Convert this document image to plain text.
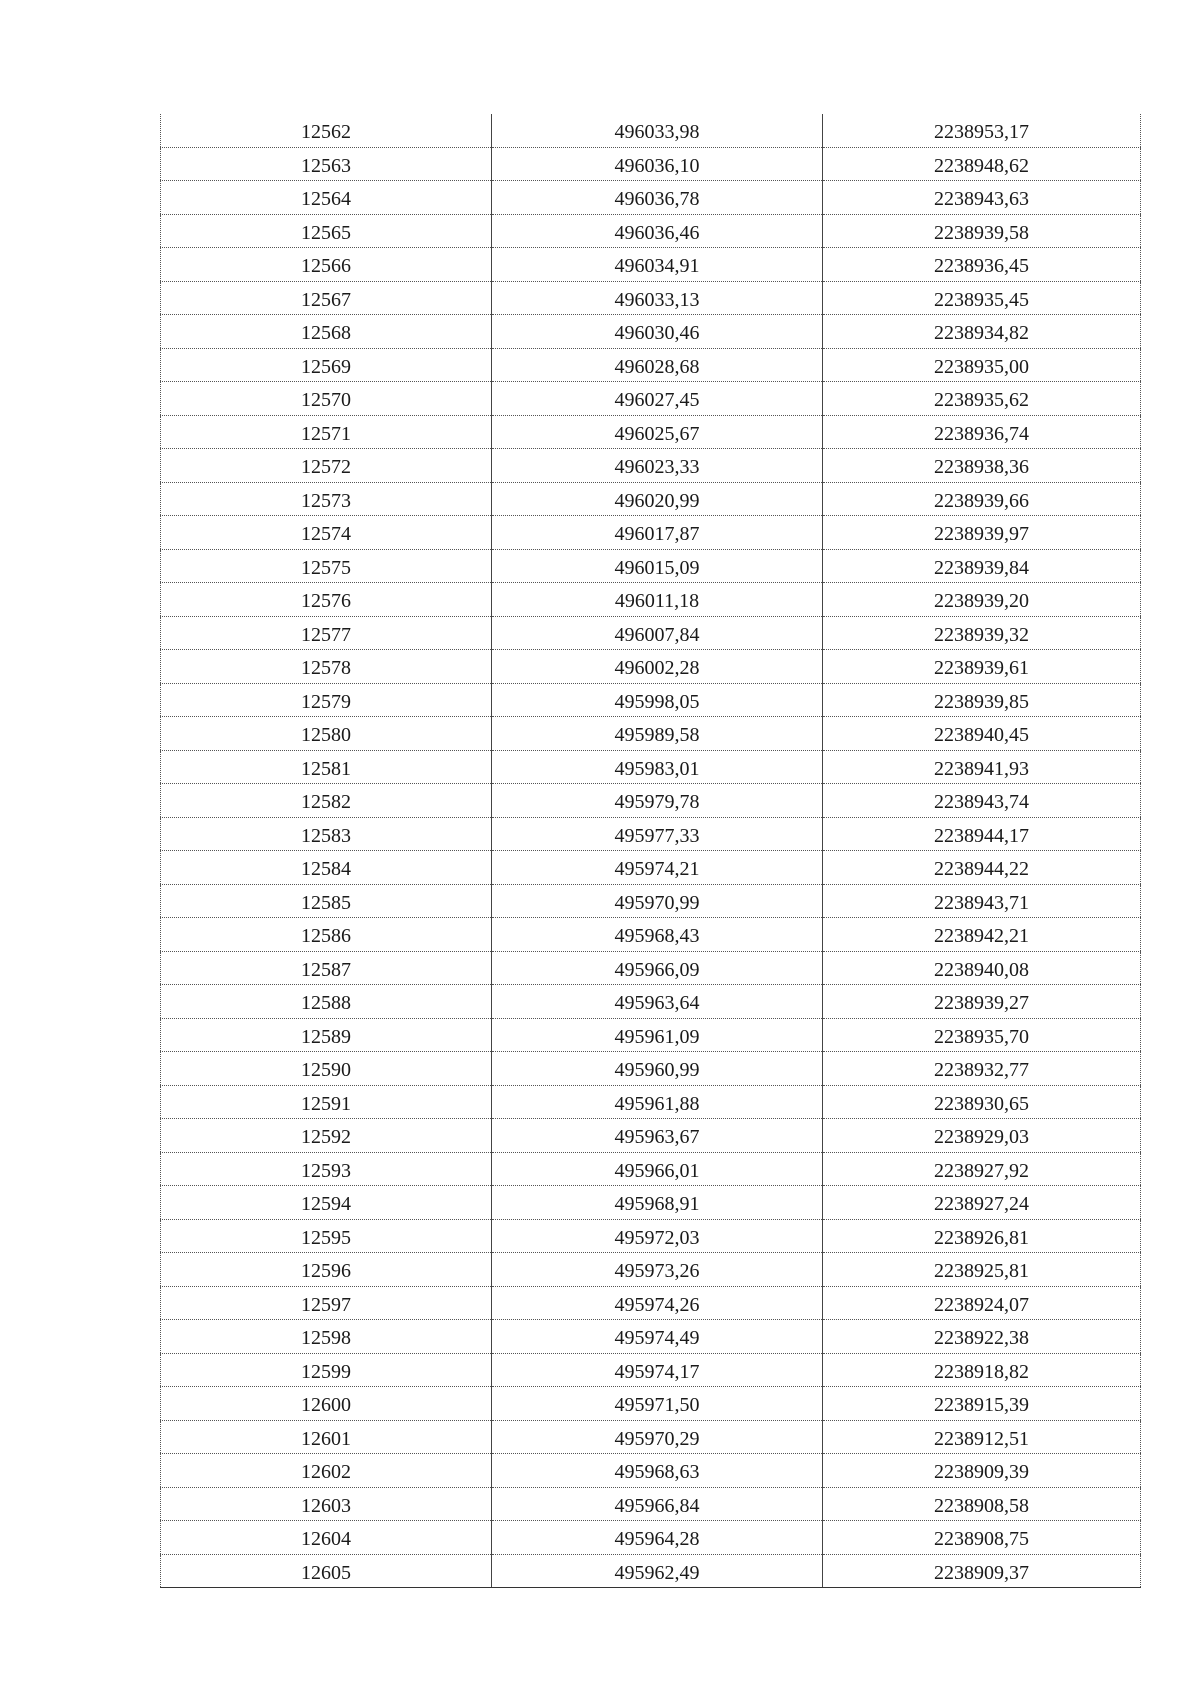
12562	496033,98	2238953,17
12563	496036,10	2238948,62
12564	496036,78	2238943,63
12565	496036,46	2238939,58
12566	496034,91	2238936,45
12567	496033,13	2238935,45
12568	496030,46	2238934,82
12569	496028,68	2238935,00
12570	496027,45	2238935,62
12571	496025,67	2238936,74
12572	496023,33	2238938,36
12573	496020,99	2238939,66
12574	496017,87	2238939,97
12575	496015,09	2238939,84
12576	496011,18	2238939,20
12577	496007,84	2238939,32
12578	496002,28	2238939,61
12579	495998,05	2238939,85
12580	495989,58	2238940,45
12581	495983,01	2238941,93
12582	495979,78	2238943,74
12583	495977,33	2238944,17
12584	495974,21	2238944,22
12585	495970,99	2238943,71
12586	495968,43	2238942,21
12587	495966,09	2238940,08
12588	495963,64	2238939,27
12589	495961,09	2238935,70
12590	495960,99	2238932,77
12591	495961,88	2238930,65
12592	495963,67	2238929,03
12593	495966,01	2238927,92
12594	495968,91	2238927,24
12595	495972,03	2238926,81
12596	495973,26	2238925,81
12597	495974,26	2238924,07
12598	495974,49	2238922,38
12599	495974,17	2238918,82
12600	495971,50	2238915,39
12601	495970,29	2238912,51
12602	495968,63	2238909,39
12603	495966,84	2238908,58
12604	495964,28	2238908,75
12605	495962,49	2238909,37
